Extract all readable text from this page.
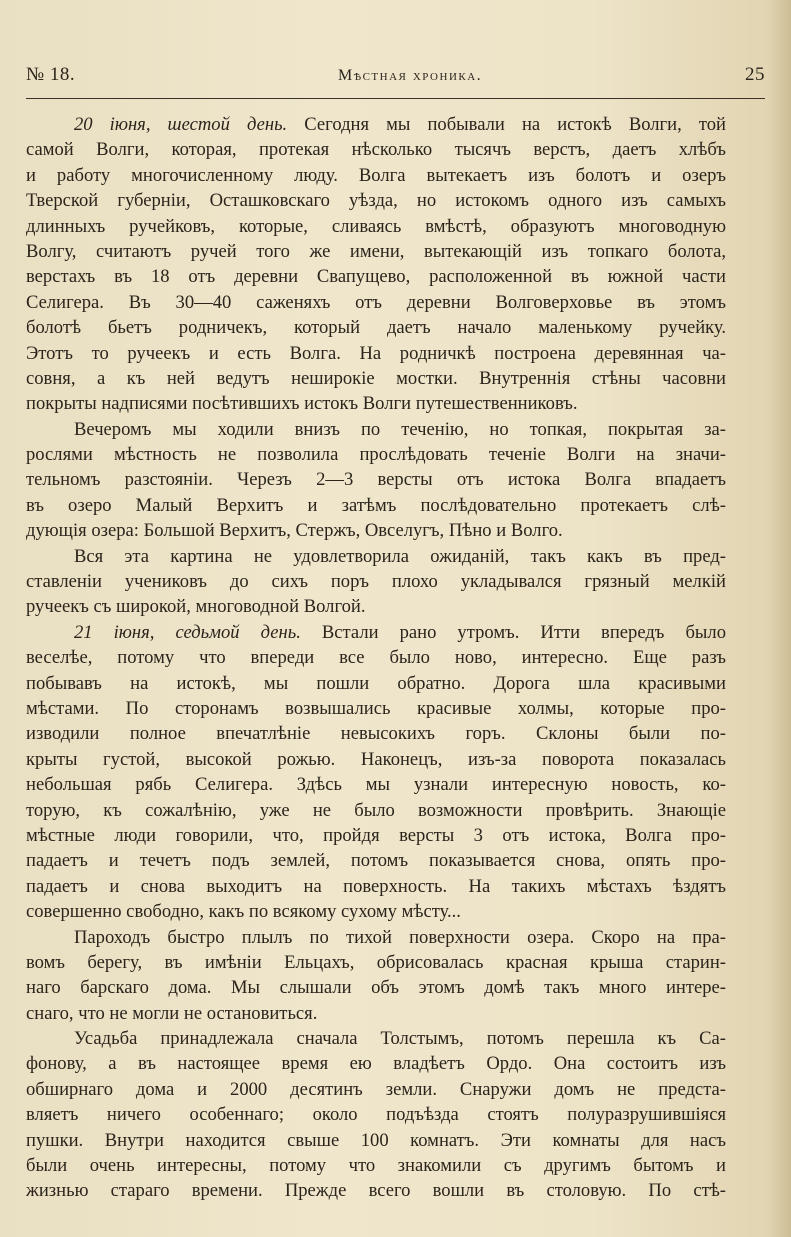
№ 18.	Мѣстная хроника.	25
20 іюня, шестой день. Сегодня мы побывали на истокѣ Волги, той
самой Волги, которая, протекая нѣсколько тысячъ верстъ, даетъ хлѣбъ
и работу многочисленному люду. Волга вытекаетъ изъ болотъ и озеръ
Тверской губерніи, Осташковскаго уѣзда, но истокомъ одного изъ самыхъ
длинныхъ ручейковъ, которые, сливаясь вмѣстѣ, образуютъ многоводную
Волгу, считаютъ ручей того же имени, вытекающій изъ топкаго болота,
верстахъ въ 18 отъ деревни Свапущево, расположенной въ южной части
Селигера. Въ 30—40 саженяхъ отъ деревни Волговерховье въ этомъ
болотѣ бьетъ родничекъ, который даетъ начало маленькому ручейку.
Этотъ то ручеекъ и есть Волга. На родничкѣ построена деревянная ча-
совня, а къ ней ведутъ неширокіе мостки. Внутреннія стѣны часовни
покрыты надписями посѣтившихъ истокъ Волги путешественниковъ.
Вечеромъ мы ходили внизъ по теченію, но топкая, покрытая за-
рослями мѣстность не позволила прослѣдовать теченіе Волги на значи-
тельномъ разстояніи. Черезъ 2—3 версты отъ истока Волга впадаетъ
въ озеро Малый Верхитъ и затѣмъ послѣдовательно протекаетъ слѣ-
дующія озера: Большой Верхитъ, Стержъ, Овселугъ, Пѣно и Волго.
Вся эта картина не удовлетворила ожиданій, такъ какъ въ пред-
ставленіи учениковъ до сихъ поръ плохо укладывался грязный мелкій
ручеекъ съ широкой, многоводной Волгой.
21 іюня, седьмой день. Встали рано утромъ. Итти впередъ было
веселѣе, потому что впереди все было ново, интересно. Еще разъ
побывавъ на истокѣ, мы пошли обратно. Дорога шла красивыми
мѣстами. По сторонамъ возвышались красивые холмы, которые про-
изводили полное впечатлѣніе невысокихъ горъ. Склоны были по-
крыты густой, высокой рожью. Наконецъ, изъ-за поворота показалась
небольшая рябь Селигера. Здѣсь мы узнали интересную новость, ко-
торую, къ сожалѣнію, уже не было возможности провѣрить. Знающіе
мѣстные люди говорили, что, пройдя версты 3 отъ истока, Волга про-
падаетъ и течетъ подъ землей, потомъ показывается снова, опять про-
падаетъ и снова выходитъ на поверхность. На такихъ мѣстахъ ѣздятъ
совершенно свободно, какъ по всякому сухому мѣсту...
Пароходъ быстро плылъ по тихой поверхности озера. Скоро на пра-
вомъ берегу, въ имѣніи Ельцахъ, обрисовалась красная крыша старин-
наго барскаго дома. Мы слышали объ этомъ домѣ такъ много интере-
снаго, что не могли не остановиться.
Усадьба принадлежала сначала Толстымъ, потомъ перешла къ Са-
фонову, а въ настоящее время ею владѣетъ Ордо. Она состоитъ изъ
обширнаго дома и 2000 десятинъ земли. Снаружи домъ не предста-
вляетъ ничего особеннаго; около подъѣзда стоятъ полуразрушившіяся
пушки. Внутри находится свыше 100 комнатъ. Эти комнаты для насъ
были очень интересны, потому что знакомили съ другимъ бытомъ и
жизнью стараго времени. Прежде всего вошли въ столовую. По стѣ-
